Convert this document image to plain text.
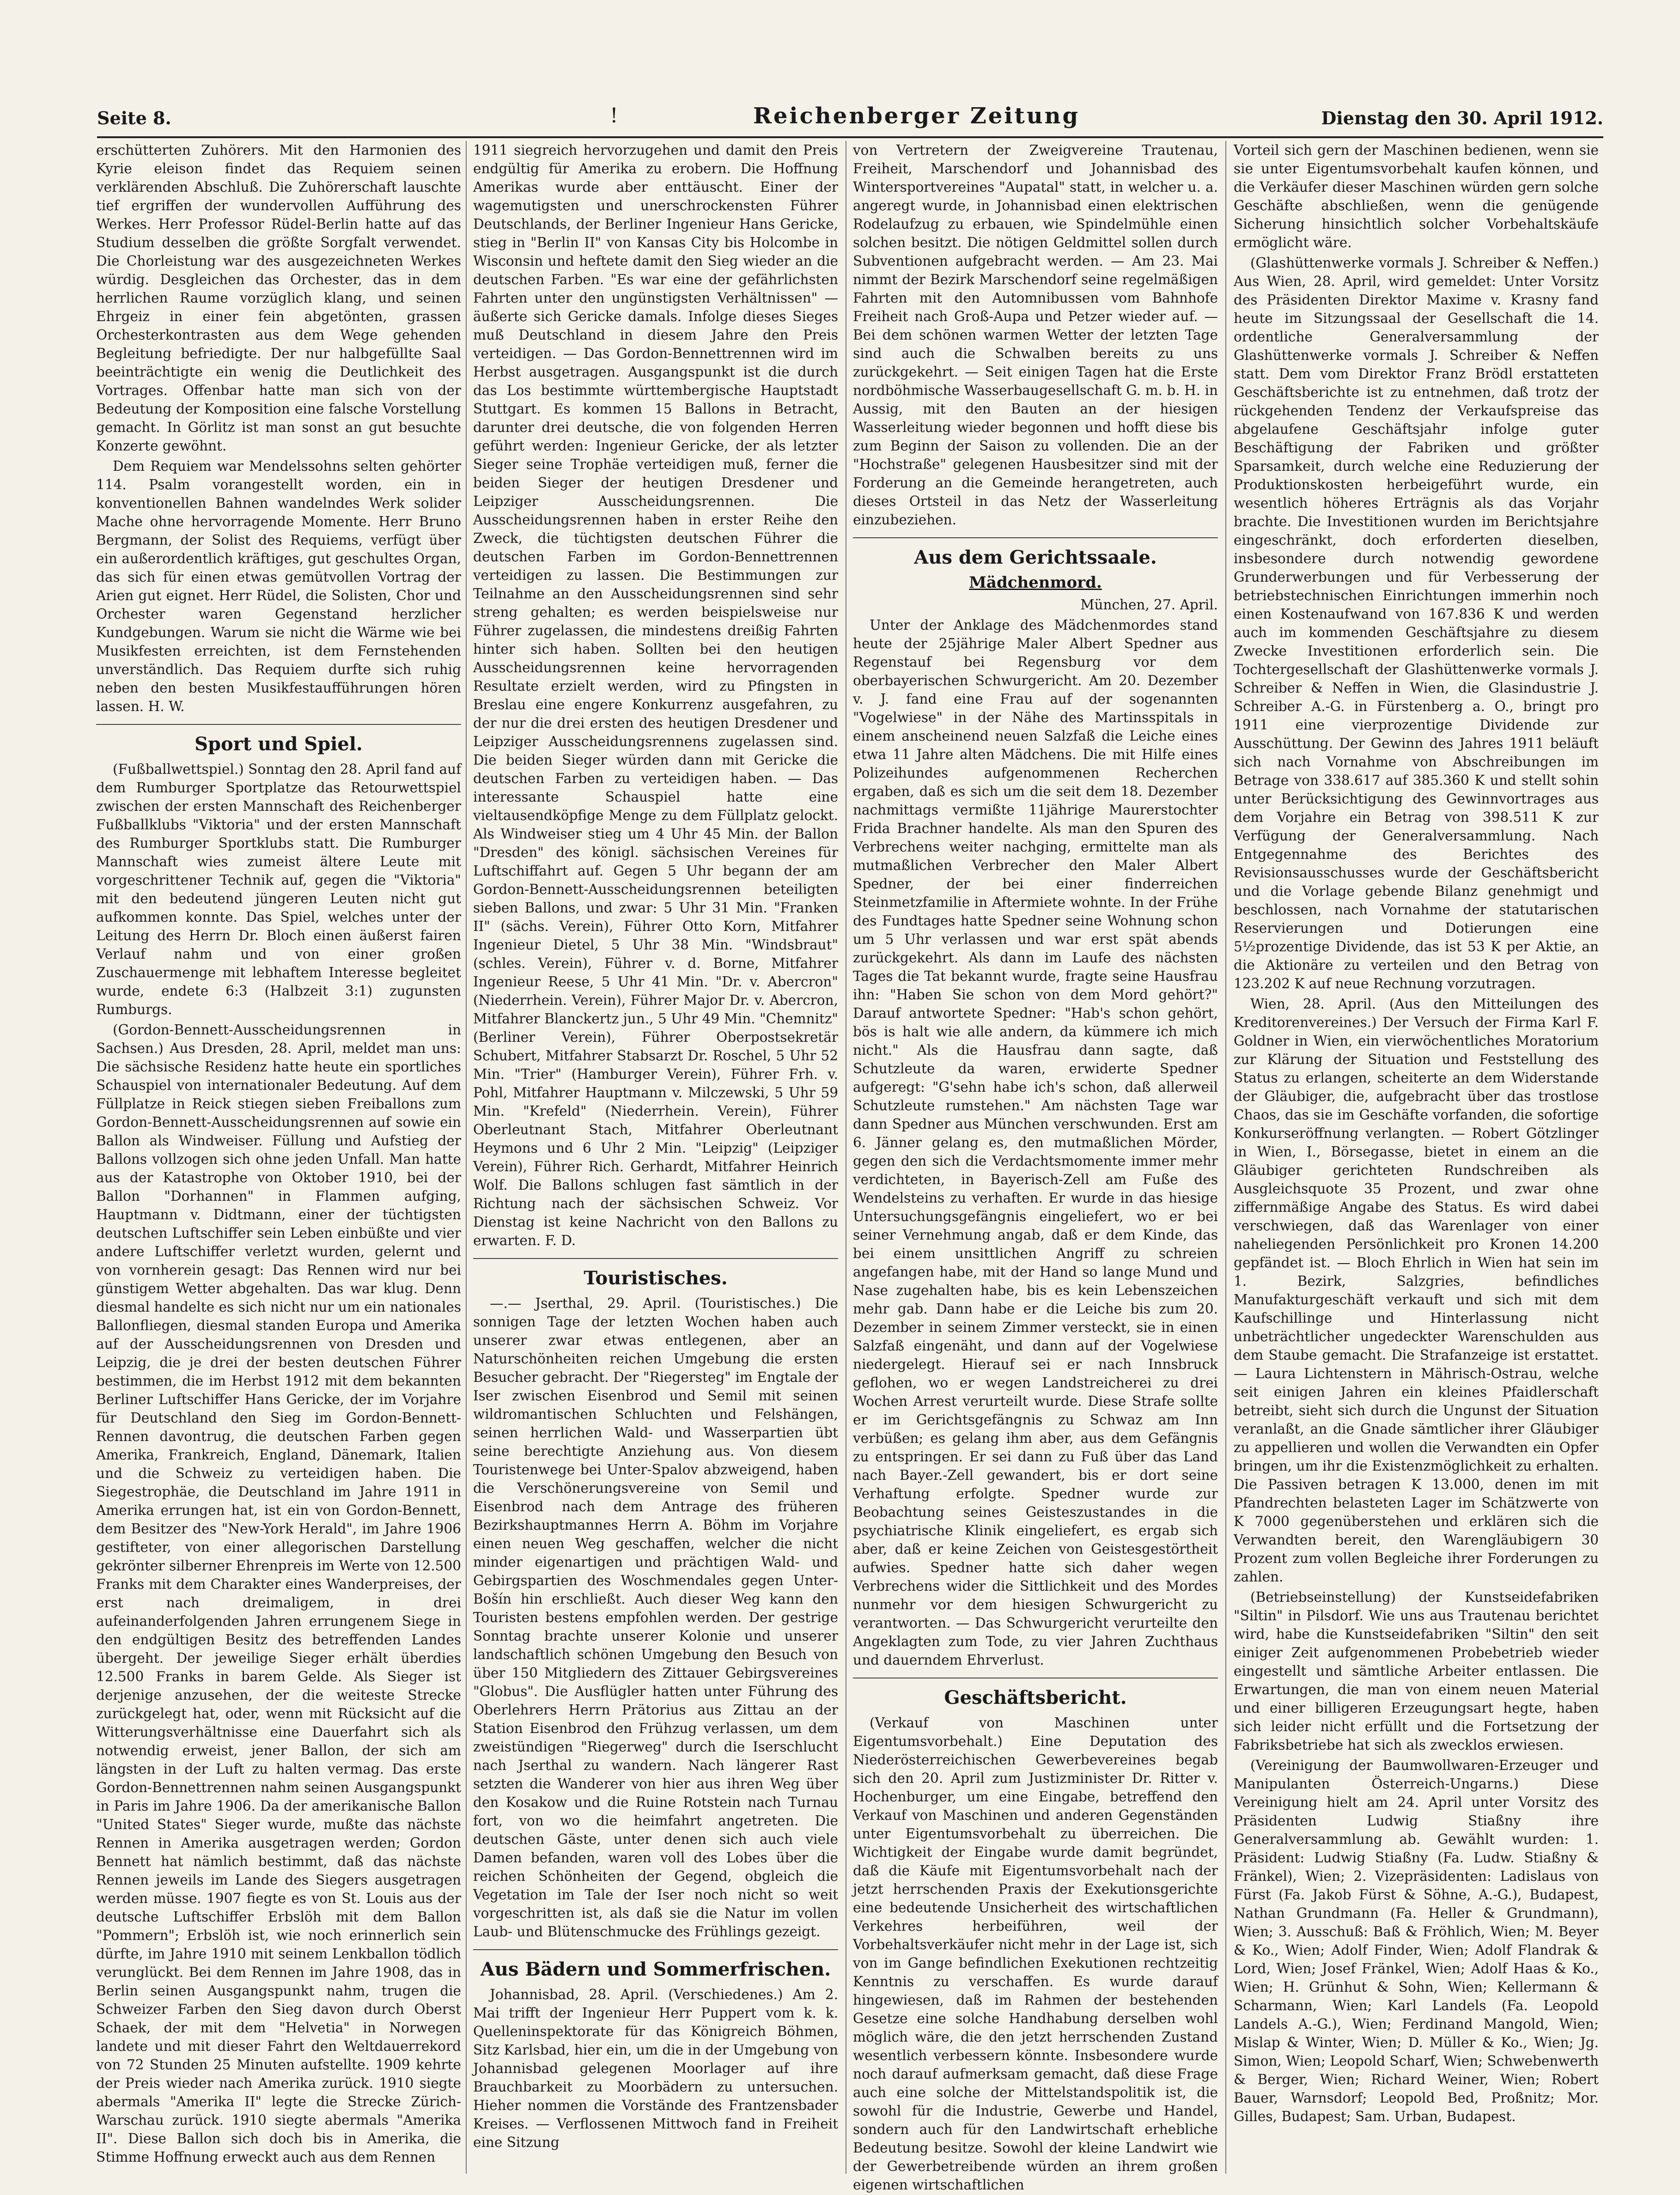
Seite 8.	!	Reichenberger Zeitung	Dienstag den 30. April 1912.

erschütterten Zuhörers. Mit den Harmonien des Kyrie eleison findet das Requiem seinen verklärenden Abschluß. Die Zuhörerschaft lauschte tief ergriffen der wundervollen Aufführung des Werkes. Herr Professor Rüdel-Berlin hatte auf das Studium desselben die größte Sorgfalt verwendet. Die Chorleistung war des ausgezeichneten Werkes würdig. Desgleichen das Orchester, das in dem herrlichen Raume vorzüglich klang, und seinen Ehrgeiz in einer fein abgetönten, grassen Orchesterkontrasten aus dem Wege gehenden Begleitung befriedigte. Der nur halbgefüllte Saal beeinträchtigte ein wenig die Deutlichkeit des Vortrages. Offenbar hatte man sich von der Bedeutung der Komposition eine falsche Vorstellung gemacht. In Görlitz ist man sonst an gut besuchte Konzerte gewöhnt.

Dem Requiem war Mendelssohns selten gehörter 114. Psalm vorangestellt worden, ein in konventionellen Bahnen wandelndes Werk solider Mache ohne hervorragende Momente. Herr Bruno Bergmann, der Solist des Requiems, verfügt über ein außerordentlich kräftiges, gut geschultes Organ, das sich für einen etwas gemütvollen Vortrag der Arien gut eignet. Herr Rüdel, die Solisten, Chor und Orchester waren Gegenstand herzlicher Kundgebungen. Warum sie nicht die Wärme wie bei Musikfesten erreichten, ist dem Fernstehenden unverständlich. Das Requiem durfte sich ruhig neben den besten Musikfestaufführungen hören lassen. H. W.

Sport und Spiel.

(Fußballwettspiel.) Sonntag den 28. April fand auf dem Rumburger Sportplatze das Retourwettspiel zwischen der ersten Mannschaft des Reichenberger Fußballklubs "Viktoria" und der ersten Mannschaft des Rumburger Sportklubs statt. Die Rumburger Mannschaft wies zumeist ältere Leute mit vorgeschrittener Technik auf, gegen die "Viktoria" mit den bedeutend jüngeren Leuten nicht gut aufkommen konnte. Das Spiel, welches unter der Leitung des Herrn Dr. Bloch einen äußerst fairen Verlauf nahm und von einer großen Zuschauermenge mit lebhaftem Interesse begleitet wurde, endete 6:3 (Halbzeit 3:1) zugunsten Rumburgs.

(Gordon-Bennett-Ausscheidungsrennen in Sachsen.) Aus Dresden, 28. April, meldet man uns: Die sächsische Residenz hatte heute ein sportliches Schauspiel von internationaler Bedeutung. Auf dem Füllplatze in Reick stiegen sieben Freiballons zum Gordon-Bennett-Ausscheidungsrennen auf sowie ein Ballon als Windweiser. Füllung und Aufstieg der Ballons vollzogen sich ohne jeden Unfall. Man hatte aus der Katastrophe von Oktober 1910, bei der Ballon "Dorhannen" in Flammen aufging, Hauptmann v. Didtmann, einer der tüchtigsten deutschen Luftschiffer sein Leben einbüßte und vier andere Luftschiffer verletzt wurden, gelernt und von vornherein gesagt: Das Rennen wird nur bei günstigem Wetter abgehalten. Das war klug. Denn diesmal handelte es sich nicht nur um ein nationales Ballonfliegen, diesmal standen Europa und Amerika auf der Ausscheidungsrennen von Dresden und Leipzig, die je drei der besten deutschen Führer bestimmen, die im Herbst 1912 mit dem bekannten Berliner Luftschiffer Hans Gericke, der im Vorjahre für Deutschland den Sieg im Gordon-Bennett-Rennen davontrug, die deutschen Farben gegen Amerika, Frankreich, England, Dänemark, Italien und die Schweiz zu verteidigen haben. Die Siegestrophäe, die Deutschland im Jahre 1911 in Amerika errungen hat, ist ein von Gordon-Bennett, dem Besitzer des "New-York Herald", im Jahre 1906 gestifteter, von einer allegorischen Darstellung gekrönter silberner Ehrenpreis im Werte von 12.500 Franks mit dem Charakter eines Wanderpreises, der erst nach dreimaligem, in drei aufeinanderfolgenden Jahren errungenem Siege in den endgültigen Besitz des betreffenden Landes übergeht. Der jeweilige Sieger erhält überdies 12.500 Franks in barem Gelde. Als Sieger ist derjenige anzusehen, der die weiteste Strecke zurückgelegt hat, oder, wenn mit Rücksicht auf die Witterungsverhältnisse eine Dauerfahrt sich als notwendig erweist, jener Ballon, der sich am längsten in der Luft zu halten vermag. Das erste Gordon-Bennettrennen nahm seinen Ausgangspunkt in Paris im Jahre 1906. Da der amerikanische Ballon "United States" Sieger wurde, mußte das nächste Rennen in Amerika ausgetragen werden; Gordon Bennett hat nämlich bestimmt, daß das nächste Rennen jeweils im Lande des Siegers ausgetragen werden müsse. 1907 fiegte es von St. Louis aus der deutsche Luftschiffer Erbslöh mit dem Ballon "Pommern"; Erbslöh ist, wie noch erinnerlich sein dürfte, im Jahre 1910 mit seinem Lenkballon tödlich verunglückt. Bei dem Rennen im Jahre 1908, das in Berlin seinen Ausgangspunkt nahm, trugen die Schweizer Farben den Sieg davon durch Oberst Schaek, der mit dem "Helvetia" in Norwegen landete und mit dieser Fahrt den Weltdauerrekord von 72 Stunden 25 Minuten aufstellte. 1909 kehrte der Preis wieder nach Amerika zurück. 1910 siegte abermals "Amerika II" legte die Strecke Zürich-Warschau zurück. 1910 siegte abermals "Amerika II". Diese Ballon sich doch bis in Amerika, die Stimme Hoffnung erweckt auch aus dem Rennen

1911 siegreich hervorzugehen und damit den Preis endgültig für Amerika zu erobern. Die Hoffnung Amerikas wurde aber enttäuscht. Einer der wagemutigsten und unerschrockensten Führer Deutschlands, der Berliner Ingenieur Hans Gericke, stieg in "Berlin II" von Kansas City bis Holcombe in Wisconsin und heftete damit den Sieg wieder an die deutschen Farben. "Es war eine der gefährlichsten Fahrten unter den ungünstigsten Verhältnissen" — äußerte sich Gericke damals. Infolge dieses Sieges muß Deutschland in diesem Jahre den Preis verteidigen. — Das Gordon-Bennettrennen wird im Herbst ausgetragen. Ausgangspunkt ist die durch das Los bestimmte württembergische Hauptstadt Stuttgart. Es kommen 15 Ballons in Betracht, darunter drei deutsche, die von folgenden Herren geführt werden: Ingenieur Gericke, der als letzter Sieger seine Trophäe verteidigen muß, ferner die beiden Sieger der heutigen Dresdener und Leipziger Ausscheidungsrennen. Die Ausscheidungsrennen haben in erster Reihe den Zweck, die tüchtigsten deutschen Führer die deutschen Farben im Gordon-Bennettrennen verteidigen zu lassen. Die Bestimmungen zur Teilnahme an den Ausscheidungsrennen sind sehr streng gehalten; es werden beispielsweise nur Führer zugelassen, die mindestens dreißig Fahrten hinter sich haben. Sollten bei den heutigen Ausscheidungsrennen keine hervorragenden Resultate erzielt werden, wird zu Pfingsten in Breslau eine engere Konkurrenz ausgefahren, zu der nur die drei ersten des heutigen Dresdener und Leipziger Ausscheidungsrennens zugelassen sind. Die beiden Sieger würden dann mit Gericke die deutschen Farben zu verteidigen haben. — Das interessante Schauspiel hatte eine vieltausendköpfige Menge zu dem Füllplatz gelockt. Als Windweiser stieg um 4 Uhr 45 Min. der Ballon "Dresden" des königl. sächsischen Vereines für Luftschiffahrt auf. Gegen 5 Uhr begann der am Gordon-Bennett-Ausscheidungsrennen beteiligten sieben Ballons, und zwar: 5 Uhr 31 Min. "Franken II" (sächs. Verein), Führer Otto Korn, Mitfahrer Ingenieur Dietel, 5 Uhr 38 Min. "Windsbraut" (schles. Verein), Führer v. d. Borne, Mitfahrer Ingenieur Reese, 5 Uhr 41 Min. "Dr. v. Abercron" (Niederrhein. Verein), Führer Major Dr. v. Abercron, Mitfahrer Blanckertz jun., 5 Uhr 49 Min. "Chemnitz" (Berliner Verein), Führer Oberpostsekretär Schubert, Mitfahrer Stabsarzt Dr. Roschel, 5 Uhr 52 Min. "Trier" (Hamburger Verein), Führer Frh. v. Pohl, Mitfahrer Hauptmann v. Milczewski, 5 Uhr 59 Min. "Krefeld" (Niederrhein. Verein), Führer Oberleutnant Stach, Mitfahrer Oberleutnant Heymons und 6 Uhr 2 Min. "Leipzig" (Leipziger Verein), Führer Rich. Gerhardt, Mitfahrer Heinrich Wolf. Die Ballons schlugen fast sämtlich in der Richtung nach der sächsischen Schweiz. Vor Dienstag ist keine Nachricht von den Ballons zu erwarten. F. D.

Touristisches.

—.— Jserthal, 29. April. (Touristisches.) Die sonnigen Tage der letzten Wochen haben auch unserer zwar etwas entlegenen, aber an Naturschönheiten reichen Umgebung die ersten Besucher gebracht. Der "Riegersteg" im Engtale der Iser zwischen Eisenbrod und Semil mit seinen wildromantischen Schluchten und Felshängen, seinen herrlichen Wald- und Wasserpartien übt seine berechtigte Anziehung aus. Von diesem Touristenwege bei Unter-Spalov abzweigend, haben die Verschönerungsvereine von Semil und Eisenbrod nach dem Antrage des früheren Bezirkshauptmannes Herrn A. Böhm im Vorjahre einen neuen Weg geschaffen, welcher die nicht minder eigenartigen und prächtigen Wald- und Gebirgspartien des Woschmendales gegen Unter-Bošín hin erschließt. Auch dieser Weg kann den Touristen bestens empfohlen werden. Der gestrige Sonntag brachte unserer Kolonie und unserer landschaftlich schönen Umgebung den Besuch von über 150 Mitgliedern des Zittauer Gebirgsvereines "Globus". Die Ausflügler hatten unter Führung des Oberlehrers Herrn Prätorius aus Zittau an der Station Eisenbrod den Frühzug verlassen, um dem zweistündigen "Riegerweg" durch die Iserschlucht nach Jserthal zu wandern. Nach längerer Rast setzten die Wanderer von hier aus ihren Weg über den Kosakow und die Ruine Rotstein nach Turnau fort, von wo die heimfahrt angetreten. Die deutschen Gäste, unter denen sich auch viele Damen befanden, waren voll des Lobes über die reichen Schönheiten der Gegend, obgleich die Vegetation im Tale der Iser noch nicht so weit vorgeschritten ist, als daß sie die Natur im vollen Laub- und Blütenschmucke des Frühlings gezeigt.

Aus Bädern und Sommerfrischen.

Johannisbad, 28. April. (Verschiedenes.) Am 2. Mai trifft der Ingenieur Herr Puppert vom k. k. Quelleninspektorate für das Königreich Böhmen, Sitz Karlsbad, hier ein, um die in der Umgebung von Johannisbad gelegenen Moorlager auf ihre Brauchbarkeit zu Moorbädern zu untersuchen. Hieher nommen die Vorstände des Frantzensbader Kreises. — Verflossenen Mittwoch fand in Freiheit eine Sitzung

von Vertretern der Zweigvereine Trautenau, Freiheit, Marschendorf und Johannisbad des Wintersportvereines "Aupatal" statt, in welcher u. a. angeregt wurde, in Johannisbad einen elektrischen Rodelaufzug zu erbauen, wie Spindelmühle einen solchen besitzt. Die nötigen Geldmittel sollen durch Subventionen aufgebracht werden. — Am 23. Mai nimmt der Bezirk Marschendorf seine regelmäßigen Fahrten mit den Automnibussen vom Bahnhofe Freiheit nach Groß-Aupa und Petzer wieder auf. — Bei dem schönen warmen Wetter der letzten Tage sind auch die Schwalben bereits zu uns zurückgekehrt. — Seit einigen Tagen hat die Erste nordböhmische Wasserbaugesellschaft G. m. b. H. in Aussig, mit den Bauten an der hiesigen Wasserleitung wieder begonnen und hofft diese bis zum Beginn der Saison zu vollenden. Die an der "Hochstraße" gelegenen Hausbesitzer sind mit der Forderung an die Gemeinde herangetreten, auch dieses Ortsteil in das Netz der Wasserleitung einzubeziehen.

Aus dem Gerichtssaale.
Mädchenmord.

München, 27. April.

Unter der Anklage des Mädchenmordes stand heute der 25jährige Maler Albert Spedner aus Regenstauf bei Regensburg vor dem oberbayerischen Schwurgericht. Am 20. Dezember v. J. fand eine Frau auf der sogenannten "Vogelwiese" in der Nähe des Martinsspitals in einem anscheinend neuen Salzfaß die Leiche eines etwa 11 Jahre alten Mädchens. Die mit Hilfe eines Polizeihundes aufgenommenen Recherchen ergaben, daß es sich um die seit dem 18. Dezember nachmittags vermißte 11jährige Maurerstochter Frida Brachner handelte. Als man den Spuren des Verbrechens weiter nachging, ermittelte man als mutmaßlichen Verbrecher den Maler Albert Spedner, der bei einer finderreichen Steinmetzfamilie in Aftermiete wohnte. In der Frühe des Fundtages hatte Spedner seine Wohnung schon um 5 Uhr verlassen und war erst spät abends zurückgekehrt. Als dann im Laufe des nächsten Tages die Tat bekannt wurde, fragte seine Hausfrau ihn: "Haben Sie schon von dem Mord gehört?" Darauf antwortete Spedner: "Hab's schon gehört, bös is halt wie alle andern, da kümmere ich mich nicht." Als die Hausfrau dann sagte, daß Schutzleute da waren, erwiderte Spedner aufgeregt: "G'sehn habe ich's schon, daß allerweil Schutzleute rumstehen." Am nächsten Tage war dann Spedner aus München verschwunden. Erst am 6. Jänner gelang es, den mutmaßlichen Mörder, gegen den sich die Verdachtsmomente immer mehr verdichteten, in Bayerisch-Zell am Fuße des Wendelsteins zu verhaften. Er wurde in das hiesige Untersuchungsgefängnis eingeliefert, wo er bei seiner Vernehmung angab, daß er dem Kinde, das bei einem unsittlichen Angriff zu schreien angefangen habe, mit der Hand so lange Mund und Nase zugehalten habe, bis es kein Lebenszeichen mehr gab. Dann habe er die Leiche bis zum 20. Dezember in seinem Zimmer versteckt, sie in einen Salzfaß eingenäht, und dann auf der Vogelwiese niedergelegt. Hierauf sei er nach Innsbruck geflohen, wo er wegen Landstreicherei zu drei Wochen Arrest verurteilt wurde. Diese Strafe sollte er im Gerichtsgefängnis zu Schwaz am Inn verbüßen; es gelang ihm aber, aus dem Gefängnis zu entspringen. Er sei dann zu Fuß über das Land nach Bayer.-Zell gewandert, bis er dort seine Verhaftung erfolgte. Spedner wurde zur Beobachtung seines Geisteszustandes in die psychiatrische Klinik eingeliefert, es ergab sich aber, daß er keine Zeichen von Geistesgestörtheit aufwies. Spedner hatte sich daher wegen Verbrechens wider die Sittlichkeit und des Mordes nunmehr vor dem hiesigen Schwurgericht zu verantworten. — Das Schwurgericht verurteilte den Angeklagten zum Tode, zu vier Jahren Zuchthaus und dauerndem Ehrverlust.

Geschäftsbericht.

(Verkauf von Maschinen unter Eigentumsvorbehalt.) Eine Deputation des Niederösterreichischen Gewerbevereines begab sich den 20. April zum Justizminister Dr. Ritter v. Hochenburger, um eine Eingabe, betreffend den Verkauf von Maschinen und anderen Gegenständen unter Eigentumsvorbehalt zu überreichen. Die Wichtigkeit der Eingabe wurde damit begründet, daß die Käufe mit Eigentumsvorbehalt nach der jetzt herrschenden Praxis der Exekutionsgerichte eine bedeutende Unsicherheit des wirtschaftlichen Verkehres herbeiführen, weil der Vorbehaltsverkäufer nicht mehr in der Lage ist, sich von im Gange befindlichen Exekutionen rechtzeitig Kenntnis zu verschaffen. Es wurde darauf hingewiesen, daß im Rahmen der bestehenden Gesetze eine solche Handhabung derselben wohl möglich wäre, die den jetzt herrschenden Zustand wesentlich verbessern könnte. Insbesondere wurde noch darauf aufmerksam gemacht, daß diese Frage auch eine solche der Mittelstandspolitik ist, die sowohl für die Industrie, Gewerbe und Handel, sondern auch für den Landwirtschaft erhebliche Bedeutung besitze. Sowohl der kleine Landwirt wie der Gewerbetreibende würden an ihrem großen eigenen wirtschaftlichen

Vorteil sich gern der Maschinen bedienen, wenn sie sie unter Eigentumsvorbehalt kaufen können, und die Verkäufer dieser Maschinen würden gern solche Geschäfte abschließen, wenn die genügende Sicherung hinsichtlich solcher Vorbehaltskäufe ermöglicht wäre.

(Glashüttenwerke vormals J. Schreiber & Neffen.) Aus Wien, 28. April, wird gemeldet: Unter Vorsitz des Präsidenten Direktor Maxime v. Krasny fand heute im Sitzungssaal der Gesellschaft die 14. ordentliche Generalversammlung der Glashüttenwerke vormals J. Schreiber & Neffen statt. Dem vom Direktor Franz Brödl erstatteten Geschäftsberichte ist zu entnehmen, daß trotz der rückgehenden Tendenz der Verkaufspreise das abgelaufene Geschäftsjahr infolge guter Beschäftigung der Fabriken und größter Sparsamkeit, durch welche eine Reduzierung der Produktionskosten herbeigeführt wurde, ein wesentlich höheres Erträgnis als das Vorjahr brachte. Die Investitionen wurden im Berichtsjahre eingeschränkt, doch erforderten dieselben, insbesondere durch notwendig gewordene Grunderwerbungen und für Verbesserung der betriebstechnischen Einrichtungen immerhin noch einen Kostenaufwand von 167.836 K und werden auch im kommenden Geschäftsjahre zu diesem Zwecke Investitionen erforderlich sein. Die Tochtergesellschaft der Glashüttenwerke vormals J. Schreiber & Neffen in Wien, die Glasindustrie J. Schreiber A.-G. in Fürstenberg a. O., bringt pro 1911 eine vierprozentige Dividende zur Ausschüttung. Der Gewinn des Jahres 1911 beläuft sich nach Vornahme von Abschreibungen im Betrage von 338.617 auf 385.360 K und stellt sohin unter Berücksichtigung des Gewinnvortrages aus dem Vorjahre ein Betrag von 398.511 K zur Verfügung der Generalversammlung. Nach Entgegennahme des Berichtes des Revisionsausschusses wurde der Geschäftsbericht und die Vorlage gebende Bilanz genehmigt und beschlossen, nach Vornahme der statutarischen Reservierungen und Dotierungen eine 5½prozentige Dividende, das ist 53 K per Aktie, an die Aktionäre zu verteilen und den Betrag von 123.202 K auf neue Rechnung vorzutragen.

Wien, 28. April. (Aus den Mitteilungen des Kreditorenvereines.) Der Versuch der Firma Karl F. Goldner in Wien, ein vierwöchentliches Moratorium zur Klärung der Situation und Feststellung des Status zu erlangen, scheiterte an dem Widerstande der Gläubiger, die, aufgebracht über das trostlose Chaos, das sie im Geschäfte vorfanden, die sofortige Konkurseröffnung verlangten. — Robert Götzlinger in Wien, I., Börsegasse, bietet in einem an die Gläubiger gerichteten Rundschreiben als Ausgleichsquote 35 Prozent, und zwar ohne ziffernmäßige Angabe des Status. Es wird dabei verschwiegen, daß das Warenlager von einer naheliegenden Persönlichkeit pro Kronen 14.200 gepfändet ist. — Bloch Ehrlich in Wien hat sein im 1. Bezirk, Salzgries, befindliches Manufakturgeschäft verkauft und sich mit dem Kaufschillinge und Hinterlassung nicht unbeträchtlicher ungedeckter Warenschulden aus dem Staube gemacht. Die Strafanzeige ist erstattet. — Laura Lichtenstern in Mährisch-Ostrau, welche seit einigen Jahren ein kleines Pfaidlerschaft betreibt, sieht sich durch die Ungunst der Situation veranlaßt, an die Gnade sämtlicher ihrer Gläubiger zu appellieren und wollen die Verwandten ein Opfer bringen, um ihr die Existenzmöglichkeit zu erhalten. Die Passiven betragen K 13.000, denen im mit Pfandrechten belasteten Lager im Schätzwerte von K 7000 gegenüberstehen und erklären sich die Verwandten bereit, den Warengläubigern 30 Prozent zum vollen Begleiche ihrer Forderungen zu zahlen.

(Betriebseinstellung) der Kunstseidefabriken "Siltin" in Pilsdorf. Wie uns aus Trautenau berichtet wird, habe die Kunstseidefabriken "Siltin" den seit einiger Zeit aufgenommenen Probebetrieb wieder eingestellt und sämtliche Arbeiter entlassen. Die Erwartungen, die man von einem neuen Material und einer billigeren Erzeugungsart hegte, haben sich leider nicht erfüllt und die Fortsetzung der Fabriksbetriebe hat sich als zwecklos erwiesen.

(Vereinigung der Baumwollwaren-Erzeuger und Manipulanten Österreich-Ungarns.) Diese Vereinigung hielt am 24. April unter Vorsitz des Präsidenten Ludwig Stiaßny ihre Generalversammlung ab. Gewählt wurden: 1. Präsident: Ludwig Stiaßny (Fa. Ludw. Stiaßny & Fränkel), Wien; 2. Vizepräsidenten: Ladislaus von Fürst (Fa. Jakob Fürst & Söhne, A.-G.), Budapest, Nathan Grundmann (Fa. Heller & Grundmann), Wien; 3. Ausschuß: Baß & Fröhlich, Wien; M. Beyer & Ko., Wien; Adolf Finder, Wien; Adolf Flandrak & Lord, Wien; Josef Fränkel, Wien; Adolf Haas & Ko., Wien; H. Grünhut & Sohn, Wien; Kellermann & Scharmann, Wien; Karl Landels (Fa. Leopold Landels A.-G.), Wien; Ferdinand Mangold, Wien; Mislap & Winter, Wien; D. Müller & Ko., Wien; Jg. Simon, Wien; Leopold Scharf, Wien; Schwebenwerth & Berger, Wien; Richard Weiner, Wien; Robert Bauer, Warnsdorf; Leopold Bed, Proßnitz; Mor. Gilles, Budapest; Sam. Urban, Budapest.
